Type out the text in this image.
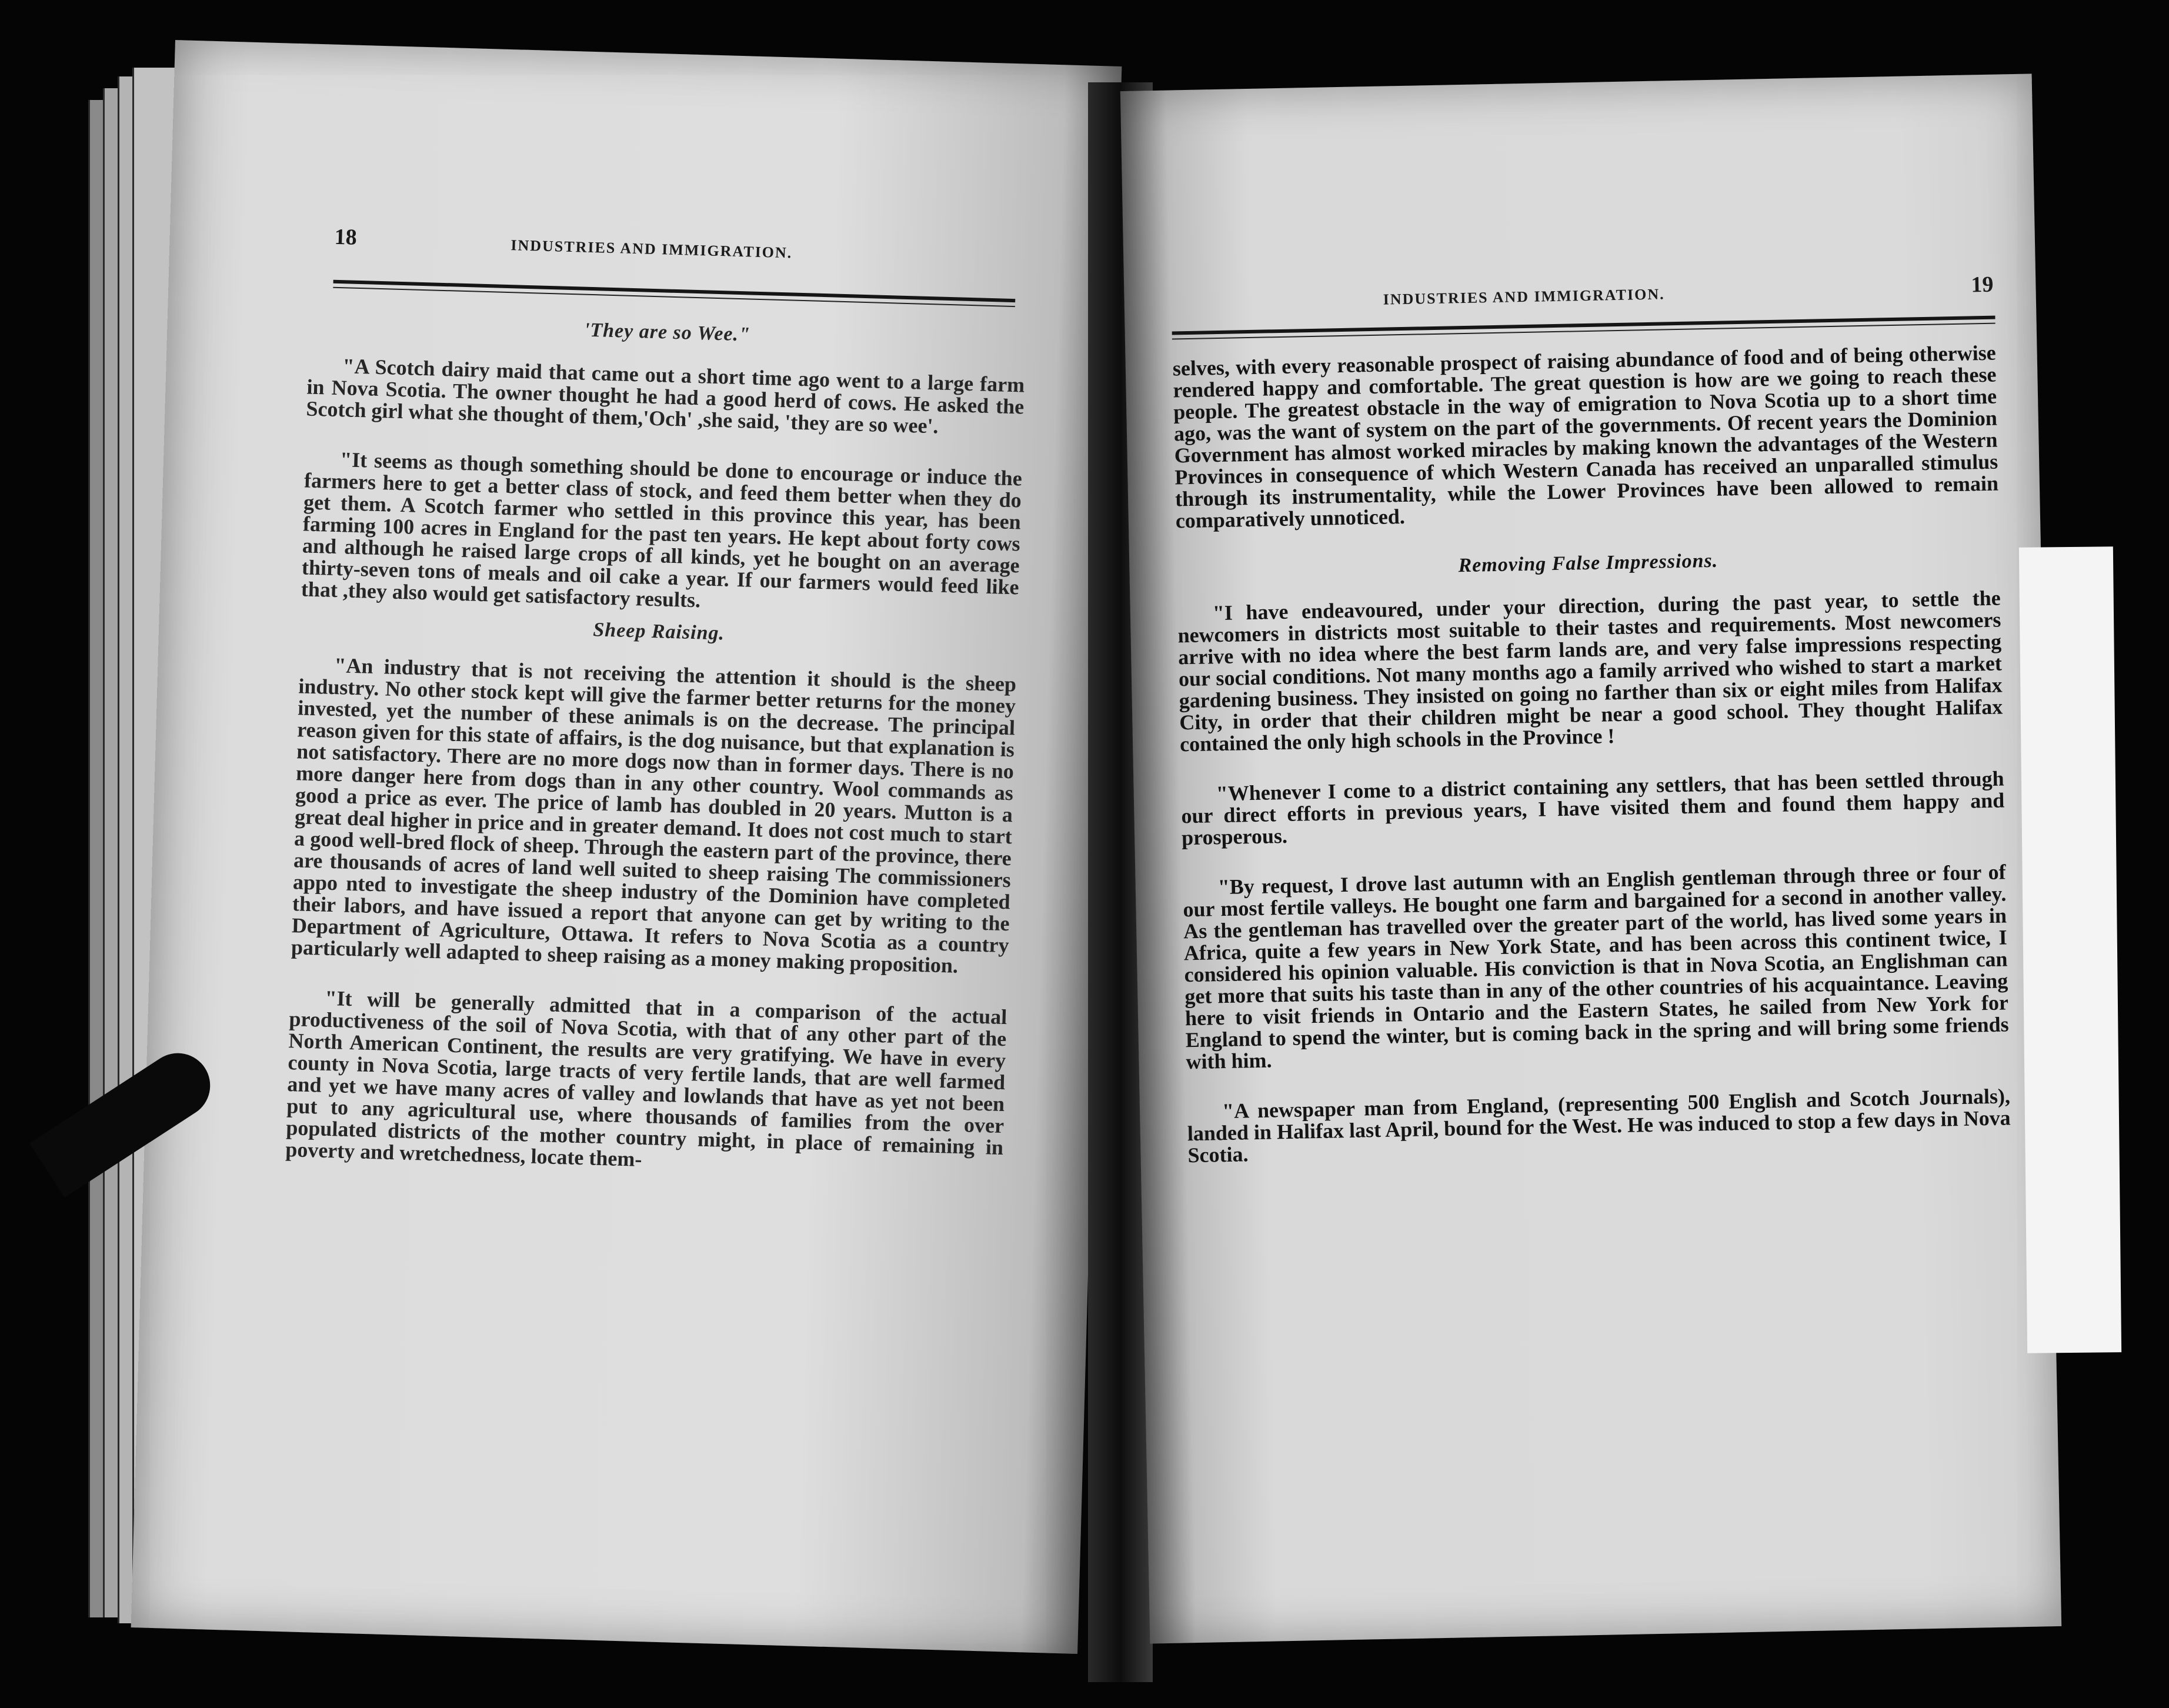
18	INDUSTRIES AND IMMIGRATION.
'They are so Wee."

"A Scotch dairy maid that came out a short time ago went to a large farm in Nova Scotia. The owner thought he had a good herd of cows. He asked the Scotch girl what she thought of them,'Och' ,she said, 'they are so wee'.

"It seems as though something should be done to encourage or induce the farmers here to get a better class of stock, and feed them better when they do get them. A Scotch farmer who settled in this province this year, has been farming 100 acres in England for the past ten years. He kept about forty cows and although he raised large crops of all kinds, yet he bought on an average thirty-seven tons of meals and oil cake a year. If our farmers would feed like that ,they also would get satisfactory results.

Sheep Raising.

"An industry that is not receiving the attention it should is the sheep industry. No other stock kept will give the farmer better returns for the money invested, yet the number of these animals is on the decrease. The principal reason given for this state of affairs, is the dog nuisance, but that explanation is not satisfactory. There are no more dogs now than in former days. There is no more danger here from dogs than in any other country. Wool commands as good a price as ever. The price of lamb has doubled in 20 years. Mutton is a great deal higher in price and in greater demand. It does not cost much to start a good well-bred flock of sheep. Through the eastern part of the province, there are thousands of acres of land well suited to sheep raising The commissioners appo nted to investigate the sheep industry of the Dominion have completed their labors, and have issued a report that anyone can get by writing to the Department of Agriculture, Ottawa. It refers to Nova Scotia as a country particularly well adapted to sheep raising as a money making proposition.

"It will be generally admitted that in a comparison of the actual productiveness of the soil of Nova Scotia, with that of any other part of the North American Continent, the results are very gratifying. We have in every county in Nova Scotia, large tracts of very fertile lands, that are well farmed and yet we have many acres of valley and lowlands that have as yet not been put to any agricultural use, where thousands of families from the over populated districts of the mother country might, in place of remaining in poverty and wretchedness, locate them-

INDUSTRIES AND IMMIGRATION.	19

selves, with every reasonable prospect of raising abundance of food and of being otherwise rendered happy and comfortable. The great question is how are we going to reach these people. The greatest obstacle in the way of emigration to Nova Scotia up to a short time ago, was the want of system on the part of the governments. Of recent years the Dominion Government has almost worked miracles by making known the advantages of the Western Provinces in consequence of which Western Canada has received an unparalled stimulus through its instrumentality, while the Lower Provinces have been allowed to remain comparatively unnoticed.

Removing False Impressions.

"I have endeavoured, under your direction, during the past year, to settle the newcomers in districts most suitable to their tastes and requirements. Most newcomers arrive with no idea where the best farm lands are, and very false impressions respecting our social conditions. Not many months ago a family arrived who wished to start a market gardening business. They insisted on going no farther than six or eight miles from Halifax City, in order that their children might be near a good school. They thought Halifax contained the only high schools in the Province !

"Whenever I come to a district containing any settlers, that has been settled through our direct efforts in previous years, I have visited them and found them happy and prosperous.

"By request, I drove last autumn with an English gentleman through three or four of our most fertile valleys. He bought one farm and bargained for a second in another valley. As the gentleman has travelled over the greater part of the world, has lived some years in Africa, quite a few years in New York State, and has been across this continent twice, I considered his opinion valuable. His conviction is that in Nova Scotia, an Englishman can get more that suits his taste than in any of the other countries of his acquaintance. Leaving here to visit friends in Ontario and the Eastern States, he sailed from New York for England to spend the winter, but is coming back in the spring and will bring some friends with him.

"A newspaper man from England, (representing 500 English and Scotch Journals), landed in Halifax last April, bound for the West. He was induced to stop a few days in Nova Scotia.
